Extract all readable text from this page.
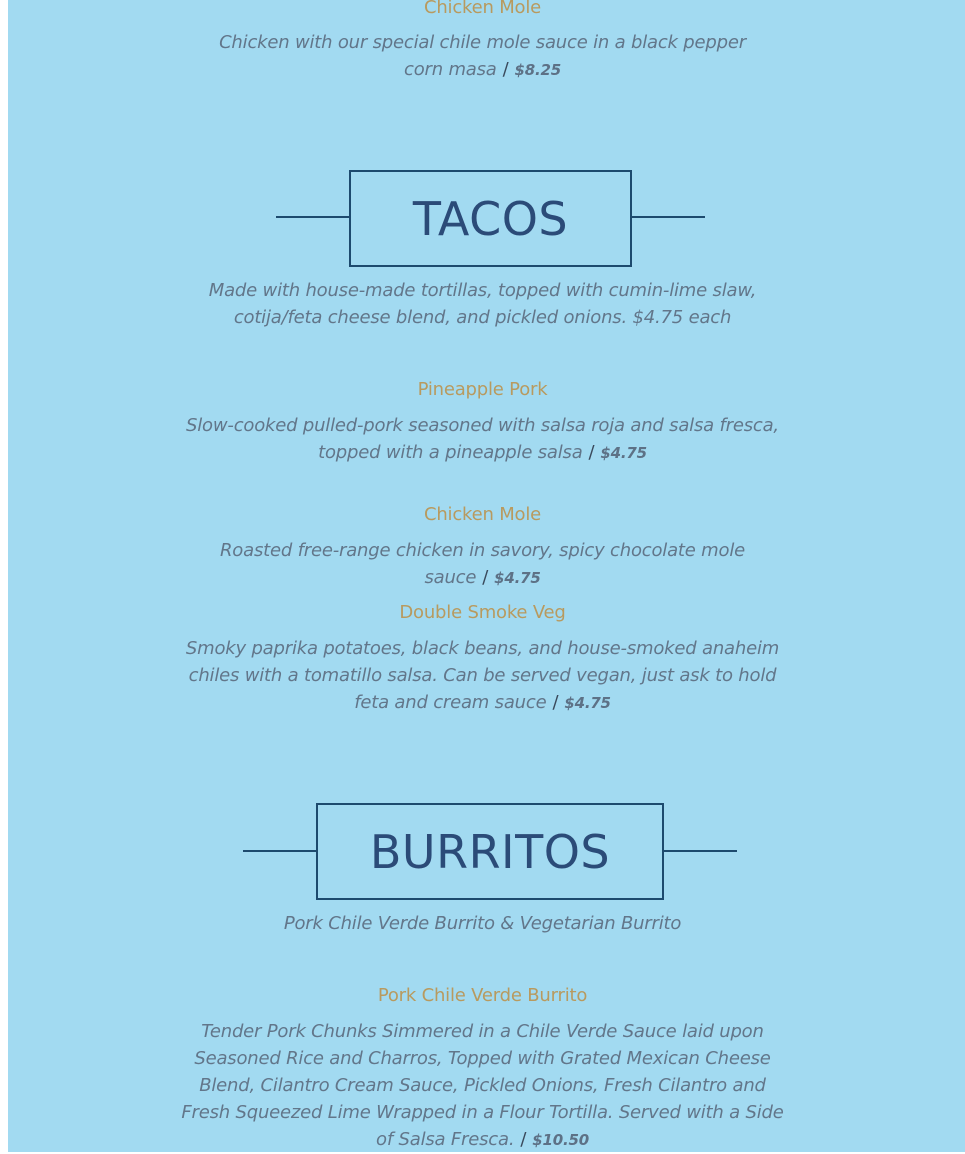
Chicken Mole

Chicken with our special chile mole sauce in a black pepper corn masa / $8.25

TACOS

Made with house-made tortillas, topped with cumin-lime slaw, cotija/feta cheese blend, and pickled onions. $4.75 each

Pineapple Pork

Slow-cooked pulled-pork seasoned with salsa roja and salsa fresca, topped with a pineapple salsa / $4.75

Chicken Mole

Roasted free-range chicken in savory, spicy chocolate mole sauce / $4.75

Double Smoke Veg

Smoky paprika potatoes, black beans, and house-smoked anaheim chiles with a tomatillo salsa. Can be served vegan, just ask to hold feta and cream sauce / $4.75

BURRITOS

Pork Chile Verde Burrito & Vegetarian Burrito

Pork Chile Verde Burrito

Tender Pork Chunks Simmered in a Chile Verde Sauce laid upon Seasoned Rice and Charros, Topped with Grated Mexican Cheese Blend, Cilantro Cream Sauce, Pickled Onions, Fresh Cilantro and Fresh Squeezed Lime Wrapped in a Flour Tortilla. Served with a Side of Salsa Fresca. / $10.50
